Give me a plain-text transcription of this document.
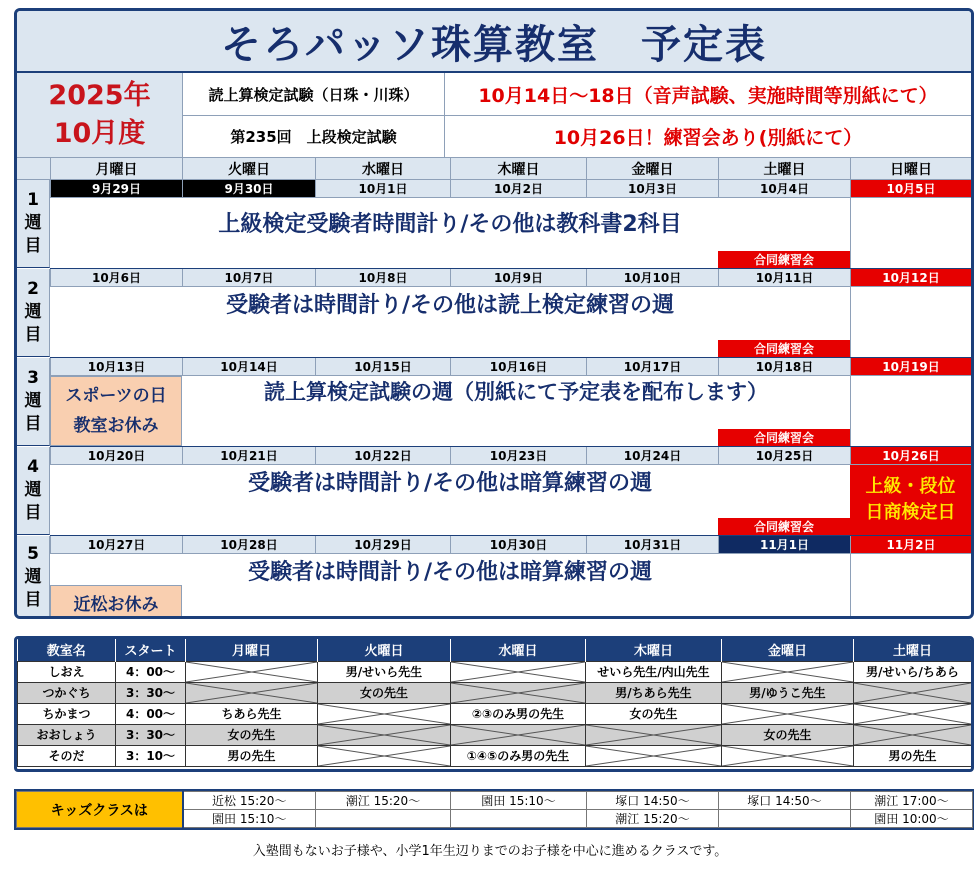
そろパッソ珠算教室　予定表
2025年
10月度
読上算検定試験（日珠・川珠）	10月14日～18日（音声試験、実施時間等別紙にて）
第235回　上段検定試験	10月26日！練習会あり(別紙にて）
月曜日	火曜日	水曜日	木曜日	金曜日	土曜日	日曜日
1
週
目
9月29日	9月30日	10月1日	10月2日	10月3日	10月4日	10月5日
上級検定受験者時間計り/その他は教科書2科目
合同練習会
2
週
目
10月6日	10月7日	10月8日	10月9日	10月10日	10月11日	10月12日
受験者は時間計り/その他は読上検定練習の週
合同練習会
3
週
目
10月13日	10月14日	10月15日	10月16日	10月17日	10月18日	10月19日
スポーツの日
教室お休み
読上算検定試験の週（別紙にて予定表を配布します）
合同練習会
4
週
目
10月20日	10月21日	10月22日	10月23日	10月24日	10月25日	10月26日
受験者は時間計り/その他は暗算練習の週	上級・段位
日商検定日
合同練習会
5
週
目
10月27日	10月28日	10月29日	10月30日	10月31日	11月1日	11月2日
受験者は時間計り/その他は暗算練習の週
近松お休み
教室名	スタート	月曜日	火曜日	水曜日	木曜日	金曜日	土曜日
しおえ	4：00～		男/せいら先生		せいら先生/内山先生		男/せいら/ちあら
つかぐち	3：30～		女の先生		男/ちあら先生	男/ゆうこ先生	

ちかまつ	4：00～	ちあら先生		②③のみ男の先生	女の先生	

おおしょう	3：30～	女の先生				女の先生	

そのだ	3：10～	男の先生		①④⑤のみ男の先生			男の先生
キッズクラスは	近松 15:20～	潮江 15:20～	園田 15:10～	塚口 14:50～	塚口 14:50～	潮江 17:00～
	園田 15:10～			潮江 15:20～		園田 10:00～
入塾間もないお子様や、小学1年生辺りまでのお子様を中心に進めるクラスです。
